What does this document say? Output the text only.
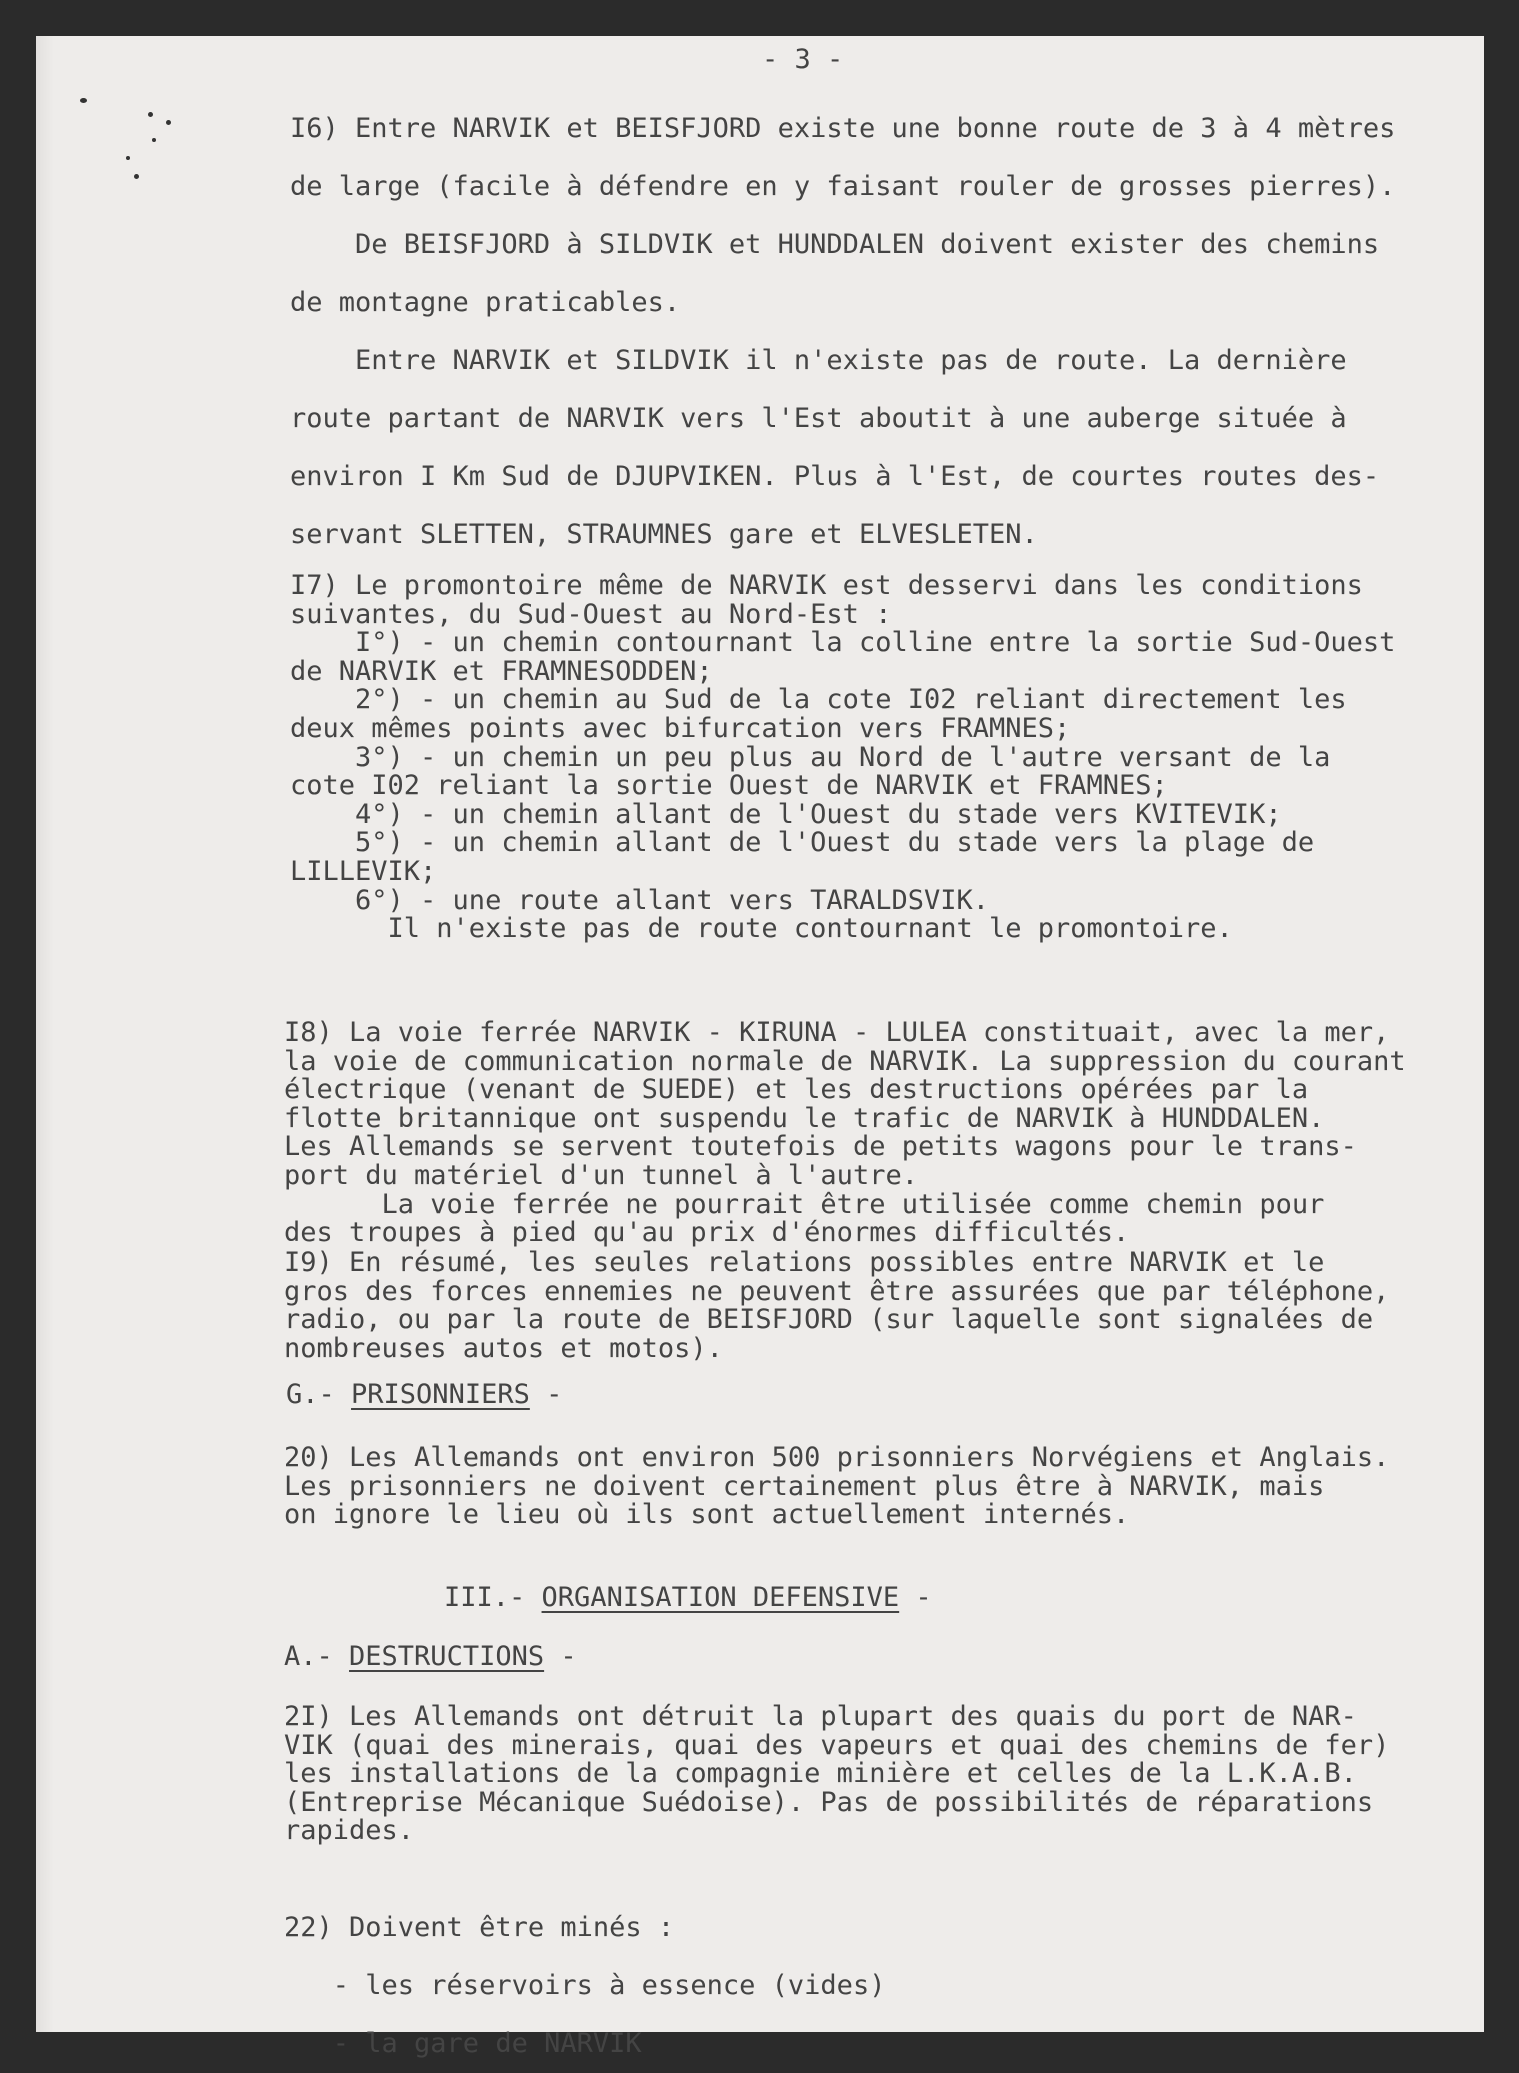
- 3 -
I6) Entre NARVIK et BEISFJORD existe une bonne route de 3 à 4 mètres
de large (facile à défendre en y faisant rouler de grosses pierres).
De BEISFJORD à SILDVIK et HUNDDALEN doivent exister des chemins
de montagne praticables.
Entre NARVIK et SILDVIK il n'existe pas de route. La dernière
route partant de NARVIK vers l'Est aboutit à une auberge située à
environ I Km Sud de DJUPVIKEN. Plus à l'Est, de courtes routes des-
servant SLETTEN, STRAUMNES gare et ELVESLETEN.
I7) Le promontoire même de NARVIK est desservi dans les conditions
suivantes, du Sud-Ouest au Nord-Est :
I°) - un chemin contournant la colline entre la sortie Sud-Ouest
de NARVIK et FRAMNESODDEN;
2°) - un chemin au Sud de la cote I02 reliant directement les
deux mêmes points avec bifurcation vers FRAMNES;
3°) - un chemin un peu plus au Nord de l'autre versant de la
cote I02 reliant la sortie Ouest de NARVIK et FRAMNES;
4°) - un chemin allant de l'Ouest du stade vers KVITEVIK;
5°) - un chemin allant de l'Ouest du stade vers la plage de
LILLEVIK;
6°) - une route allant vers TARALDSVIK.
Il n'existe pas de route contournant le promontoire.
I8) La voie ferrée NARVIK - KIRUNA - LULEA constituait, avec la mer,
la voie de communication normale de NARVIK. La suppression du courant
électrique (venant de SUEDE) et les destructions opérées par la
flotte britannique ont suspendu le trafic de NARVIK à HUNDDALEN.
Les Allemands se servent toutefois de petits wagons pour le trans-
port du matériel d'un tunnel à l'autre.
La voie ferrée ne pourrait être utilisée comme chemin pour
des troupes à pied qu'au prix d'énormes difficultés.
I9) En résumé, les seules relations possibles entre NARVIK et le
gros des forces ennemies ne peuvent être assurées que par téléphone,
radio, ou par la route de BEISFJORD (sur laquelle sont signalées de
nombreuses autos et motos).
G.- PRISONNIERS -
20) Les Allemands ont environ 500 prisonniers Norvégiens et Anglais.
Les prisonniers ne doivent certainement plus être à NARVIK, mais
on ignore le lieu où ils sont actuellement internés.
III.- ORGANISATION DEFENSIVE -
A.- DESTRUCTIONS -
2I) Les Allemands ont détruit la plupart des quais du port de NAR-
VIK (quai des minerais, quai des vapeurs et quai des chemins de fer)
les installations de la compagnie minière et celles de la L.K.A.B.
(Entreprise Mécanique Suédoise). Pas de possibilités de réparations
rapides.
22) Doivent être minés :
- les réservoirs à essence (vides)
- la gare de NARVIK
